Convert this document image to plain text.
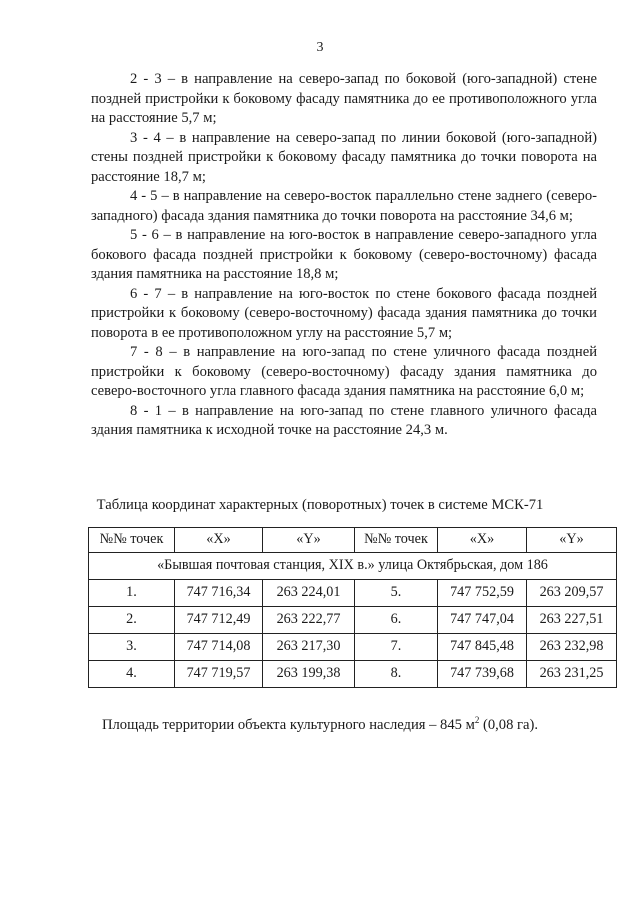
3

2 - 3 – в направление на северо-запад по боковой (юго-западной) стене поздней пристройки к боковому фасаду памятника до ее противоположного угла на расстояние 5,7 м;

3 - 4 – в направление на северо-запад по линии боковой (юго-западной) стены поздней пристройки к боковому фасаду памятника до точки поворота на расстояние 18,7 м;

4 - 5 – в направление на северо-восток параллельно стене заднего (северо-западного) фасада здания памятника до точки поворота на расстояние 34,6 м;

5 - 6 – в направление на юго-восток в направление северо-западного угла бокового фасада поздней пристройки к боковому (северо-восточному) фасада здания памятника на расстояние 18,8 м;

6 - 7 – в направление на юго-восток по стене бокового фасада поздней пристройки к боковому (северо-восточному) фасада здания памятника до точки поворота в ее противоположном углу на расстояние 5,7 м;

7 - 8 – в направление на юго-запад по стене уличного фасада поздней пристройки к боковому (северо-восточному) фасаду здания памятника до северо-восточного угла главного фасада здания памятника на расстояние 6,0 м;

8 - 1 – в направление на юго-запад по стене главного уличного фасада здания памятника к исходной точке на расстояние 24,3 м.

Таблица координат характерных (поворотных) точек в системе МСК-71
№№ точек	«X»	«Y»	№№ точек	«X»	«Y»
«Бывшая почтовая станция, XIX в.» улица Октябрьская, дом 186					
1.	747 716,34	263 224,01	5.	747 752,59	263 209,57
2.	747 712,49	263 222,77	6.	747 747,04	263 227,51
3.	747 714,08	263 217,30	7.	747 845,48	263 232,98
4.	747 719,57	263 199,38	8.	747 739,68	263 231,25
Площадь территории объекта культурного наследия – 845 $м^2$ (0,08 га).
